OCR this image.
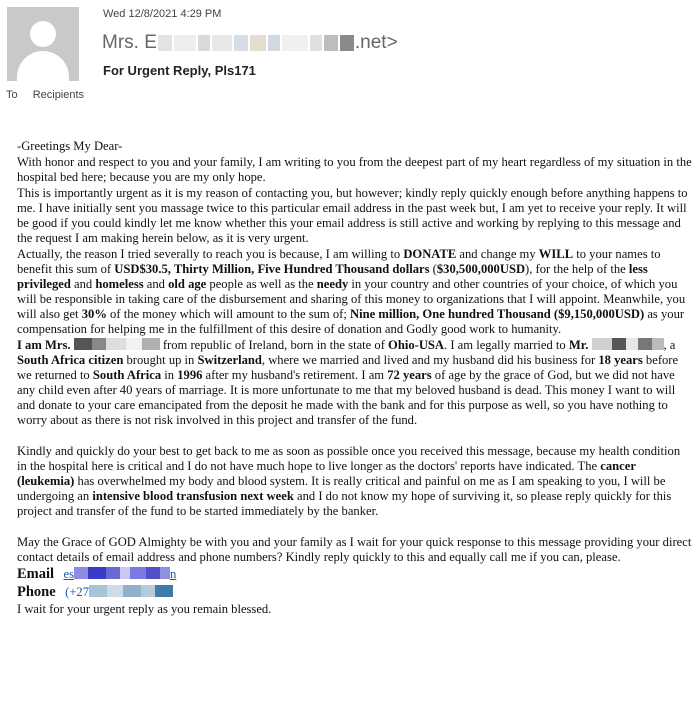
Wed 12/8/2021 4:29 PM
Mrs. E	.net>
For Urgent Reply, Pls171
To Recipients

-Greetings My Dear-

With honor and respect to you and your family, I am writing to you from the deepest part of my heart regardless of my situation in the hospital bed here; because you are my only hope.

This is importantly urgent as it is my reason of contacting you, but however; kindly reply quickly enough before anything happens to me. I have initially sent you massage twice to this particular email address in the past week but, I am yet to receive your reply. It will be good if you could kindly let me know whether this your email address is still active and working by replying to this message and the request I am making herein below, as it is very urgent.

Actually, the reason I tried severally to reach you is because, I am willing to DONATE and change my WILL to your names to benefit this sum of USD$30.5, Thirty Million, Five Hundred Thousand dollars ($30,500,000USD), for the help of the less privileged and homeless and old age people as well as the needy in your country and other countries of your choice, of which you will be responsible in taking care of the disbursement and sharing of this money to organizations that I will appoint. Meanwhile, you will also get 30% of the money which will amount to the sum of; Nine million, One hundred Thousand ($9,150,000USD) as your compensation for helping me in the fulfillment of this desire of donation and Godly good work to humanity.

I am Mrs.	from republic of Ireland, born in the state of Ohio-USA. I am legally married to Mr.	, a South Africa citizen brought up in Switzerland, where we married and lived and my husband did his business for 18 years before we returned to South Africa in 1996 after my husband's retirement. I am 72 years of age by the grace of God, but we did not have any child even after 40 years of marriage. It is more unfortunate to me that my beloved husband is dead. This money I want to will and donate to your care emancipated from the deposit he made with the bank and for this purpose as well, so you have nothing to worry about as there is not risk involved in this project and transfer of the fund.

Kindly and quickly do your best to get back to me as soon as possible once you received this message, because my health condition in the hospital here is critical and I do not have much hope to live longer as the doctors' reports have indicated. The cancer (leukemia) has overwhelmed my body and blood system. It is really critical and painful on me as I am speaking to you, I will be undergoing an intensive blood transfusion next week and I do not know my hope of surviving it, so please reply quickly for this project and transfer of the fund to be started immediately by the banker.

May the Grace of GOD Almighty be with you and your family as I wait for your quick response to this message providing your direct contact details of email address and phone numbers? Kindly reply quickly to this and equally call me if you can, please.

Email es	n

Phone (+27

I wait for your urgent reply as you remain blessed.
